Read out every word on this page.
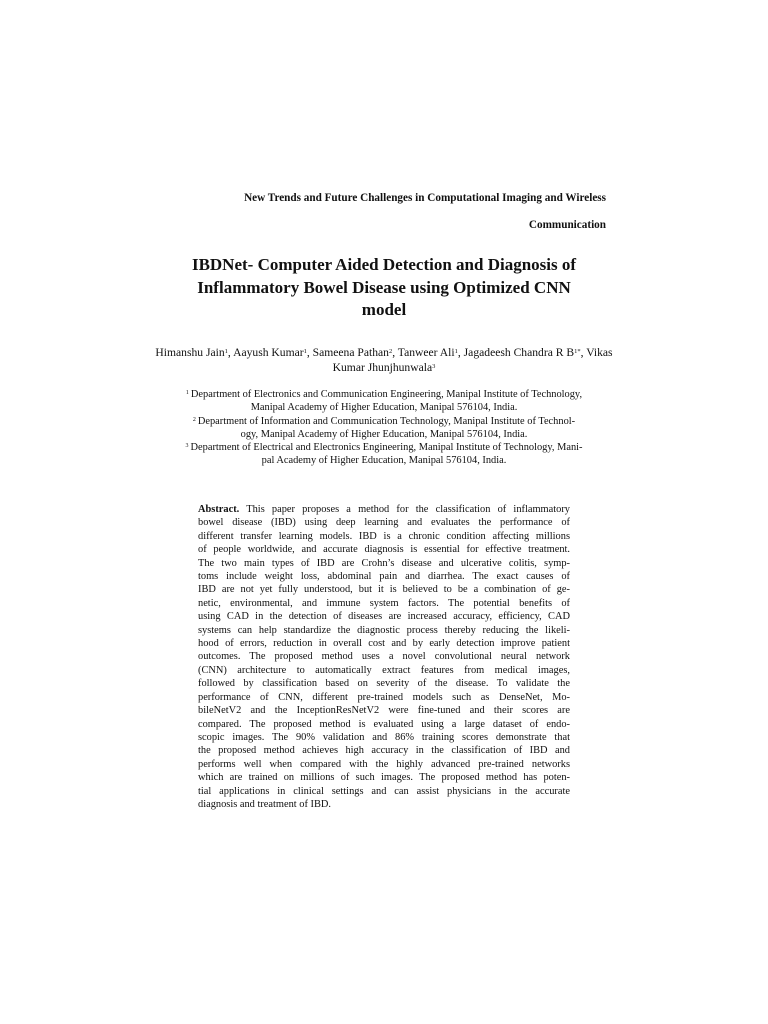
New Trends and Future Challenges in Computational Imaging and Wireless
Communication
IBDNet- Computer Aided Detection and Diagnosis of
Inflammatory Bowel Disease using Optimized CNN
model
Himanshu Jain$^1$, Aayush Kumar$^1$, Sameena Pathan$^2$, Tanweer Ali$^1$, Jagadeesh Chandra R $B^{1*}$, Vikas Kumar Jhunjhunwala$^3$
$^1$ Department of Electronics and Communication Engineering, Manipal Institute of Technology,
Manipal Academy of Higher Education, Manipal 576104, India.
$^2$ Department of Information and Communication Technology, Manipal Institute of Technol-
ogy, Manipal Academy of Higher Education, Manipal 576104, India.
$^3$ Department of Electrical and Electronics Engineering, Manipal Institute of Technology, Mani-
pal Academy of Higher Education, Manipal 576104, India.
Abstract. This paper proposes a method for the classification of inflammatory
bowel disease (IBD) using deep learning and evaluates the performance of
different transfer learning models. IBD is a chronic condition affecting millions
of people worldwide, and accurate diagnosis is essential for effective treatment.
The two main types of IBD are Crohn’s disease and ulcerative colitis, symp-
toms include weight loss, abdominal pain and diarrhea. The exact causes of
IBD are not yet fully understood, but it is believed to be a combination of ge-
netic, environmental, and immune system factors. The potential benefits of
using CAD in the detection of diseases are increased accuracy, efficiency, CAD
systems can help standardize the diagnostic process thereby reducing the likeli-
hood of errors, reduction in overall cost and by early detection improve patient
outcomes. The proposed method uses a novel convolutional neural network
(CNN) architecture to automatically extract features from medical images,
followed by classification based on severity of the disease. To validate the
performance of CNN, different pre-trained models such as DenseNet, Mo-
bileNetV2 and the InceptionResNetV2 were fine-tuned and their scores are
compared. The proposed method is evaluated using a large dataset of endo-
scopic images. The 90% validation and 86% training scores demonstrate that
the proposed method achieves high accuracy in the classification of IBD and
performs well when compared with the highly advanced pre-trained networks
which are trained on millions of such images. The proposed method has poten-
tial applications in clinical settings and can assist physicians in the accurate
diagnosis and treatment of IBD.
